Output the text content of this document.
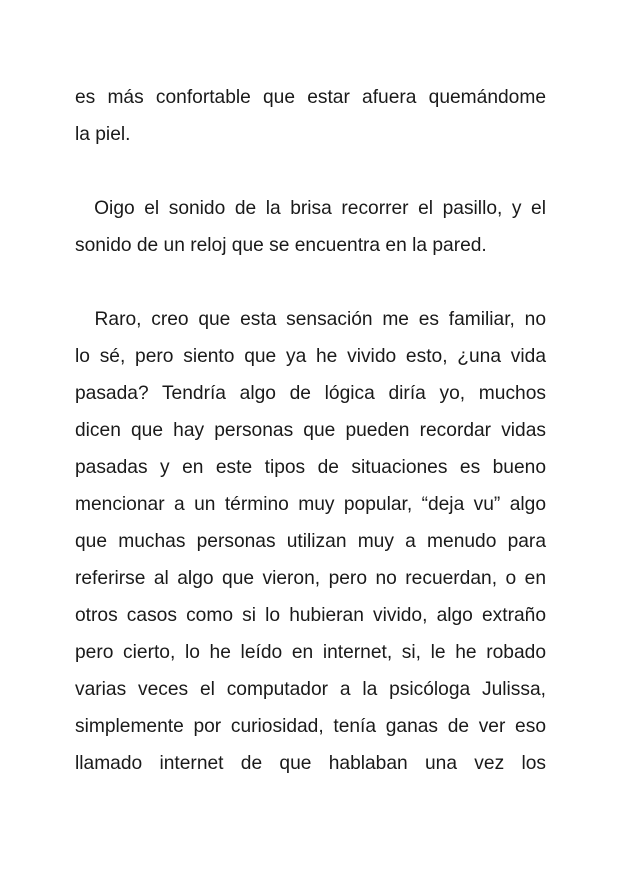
es más confortable que estar afuera quemándome
la piel.
Oigo el sonido de la brisa recorrer el pasillo, y el
sonido de un reloj que se encuentra en la pared.
Raro, creo que esta sensación me es familiar, no
lo sé, pero siento que ya he vivido esto, ¿una vida
pasada? Tendría algo de lógica diría yo, muchos
dicen que hay personas que pueden recordar vidas
pasadas y en este tipos de situaciones es bueno
mencionar a un término muy popular, “deja vu” algo
que muchas personas utilizan muy a menudo para
referirse al algo que vieron, pero no recuerdan, o en
otros casos como si lo hubieran vivido, algo extraño
pero cierto, lo he leído en internet, si, le he robado
varias veces el computador a la psicóloga Julissa,
simplemente por curiosidad, tenía ganas de ver eso
llamado internet de que hablaban una vez los
